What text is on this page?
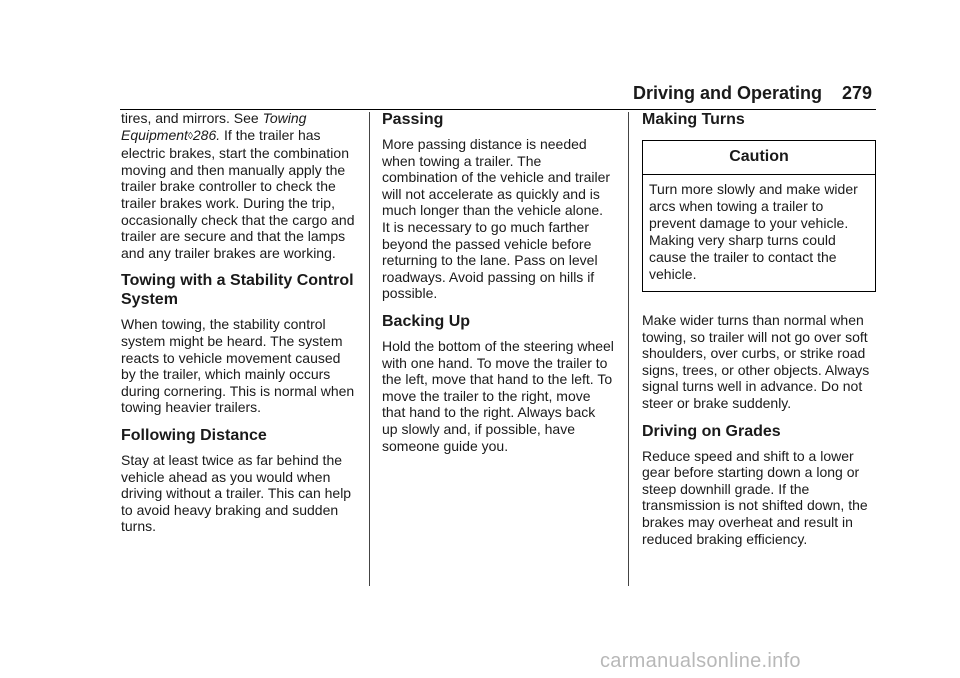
Driving and Operating 279

tires, and mirrors. See Towing Equipment◊286. If the trailer has electric brakes, start the combination moving and then manually apply the trailer brake controller to check the trailer brakes work. During the trip, occasionally check that the cargo and trailer are secure and that the lamps and any trailer brakes are working.

Towing with a Stability Control System

When towing, the stability control system might be heard. The system reacts to vehicle movement caused by the trailer, which mainly occurs during cornering. This is normal when towing heavier trailers.

Following Distance

Stay at least twice as far behind the vehicle ahead as you would when driving without a trailer. This can help to avoid heavy braking and sudden turns.

Passing

More passing distance is needed when towing a trailer. The combination of the vehicle and trailer will not accelerate as quickly and is much longer than the vehicle alone. It is necessary to go much farther beyond the passed vehicle before returning to the lane. Pass on level roadways. Avoid passing on hills if possible.

Backing Up

Hold the bottom of the steering wheel with one hand. To move the trailer to the left, move that hand to the left. To move the trailer to the right, move that hand to the right. Always back up slowly and, if possible, have someone guide you.

Making Turns
Caution
Turn more slowly and make wider arcs when towing a trailer to prevent damage to your vehicle. Making very sharp turns could cause the trailer to contact the vehicle.

Make wider turns than normal when towing, so trailer will not go over soft shoulders, over curbs, or strike road signs, trees, or other objects. Always signal turns well in advance. Do not steer or brake suddenly.

Driving on Grades

Reduce speed and shift to a lower gear before starting down a long or steep downhill grade. If the transmission is not shifted down, the brakes may overheat and result in reduced braking efficiency.

carmanualsonline.info
